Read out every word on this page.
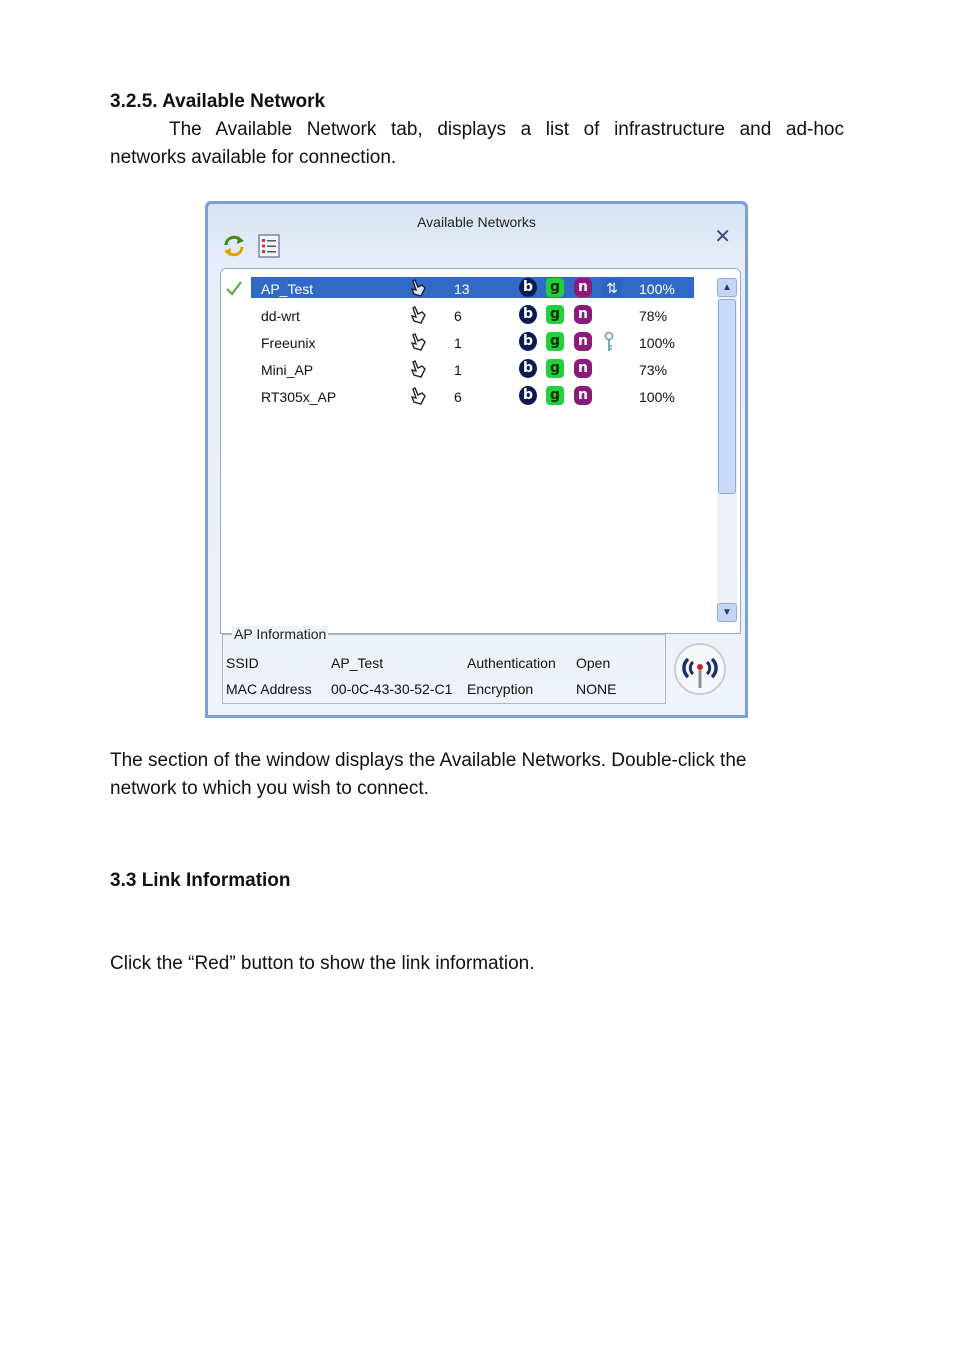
3.2.5. Available Network
The Available Network tab, displays a list of infrastructure and ad-hoc
networks available for connection.
Available Networks
✕
AP_Test	13	b g n ⇅ 100%
dd-wrt	6	b g n	78%
Freeunix	1	b g n	100%
Mini_AP	1	b g n	73%
RT305x_AP	6	b g n	100%
▲
▼
AP Information
SSID	AP_Test	Authentication Open
MAC Address 00-0C-43-30-52-C1 Encryption	NONE
The section of the window displays the Available Networks. Double-click the
network to which you wish to connect.
3.3 Link Information
Click the “Red” button to show the link information.
